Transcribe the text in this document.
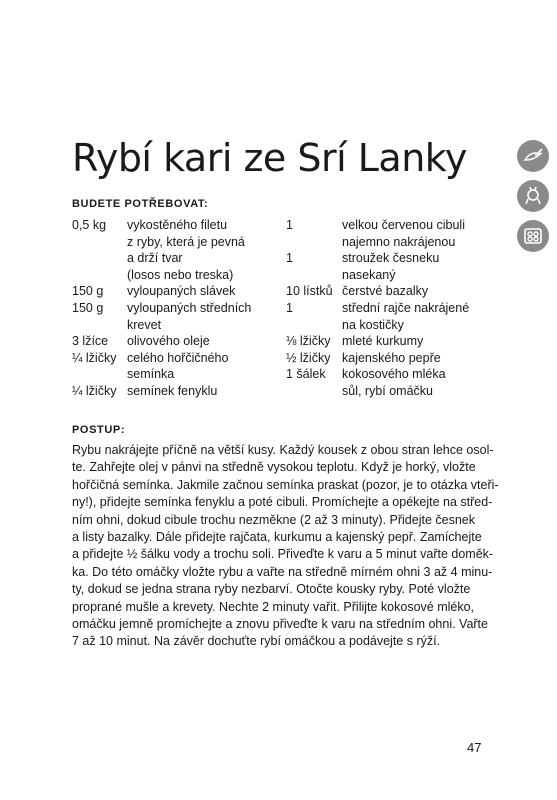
Rybí kari ze Srí Lanky
BUDETE POTŘEBOVAT:
0,5 kg vykostěného filetu
z ryby, která je pevná
a drží tvar
(losos nebo treska)
150 g vyloupaných slávek
150 g vyloupaných středních
krevet
3 lžíce olivového oleje
¼ lžičky celého hořčičného
semínka
¼ lžičky semínek fenyklu
1	velkou červenou cibuli
najemno nakrájenou
1	stroužek česneku
nasekaný
10 lístků čerstvé bazalky
1	střední rajče nakrájené
na kostičky
⅛ lžičky mleté kurkumy
½ lžičky kajenského pepře
1 šálek kokosového mléka
sůl, rybí omáčku
POSTUP:
Rybu nakrájejte příčně na větší kusy. Každý kousek z obou stran lehce osol-
te. Zahřejte olej v pánvi na středně vysokou teplotu. Když je horký, vložte
hořčičná semínka. Jakmile začnou semínka praskat (pozor, je to otázka vteři-
ny!), přidejte semínka fenyklu a poté cibuli. Promíchejte a opékejte na střed-
ním ohni, dokud cibule trochu nezměkne (2 až 3 minuty). Přidejte česnek
a listy bazalky. Dále přidejte rajčata, kurkumu a kajenský pepř. Zamíchejte
a přidejte ½ šálku vody a trochu soli. Přiveďte k varu a 5 minut vařte doměk-
ka. Do této omáčky vložte rybu a vařte na středně mírném ohni 3 až 4 minu-
ty, dokud se jedna strana ryby nezbarví. Otočte kousky ryby. Poté vložte
proprané mušle a krevety. Nechte 2 minuty vařit. Přilijte kokosové mléko,
omáčku jemně promíchejte a znovu přiveďte k varu na středním ohni. Vařte
7 až 10 minut. Na závěr dochuťte rybí omáčkou a podávejte s rýží.
47
